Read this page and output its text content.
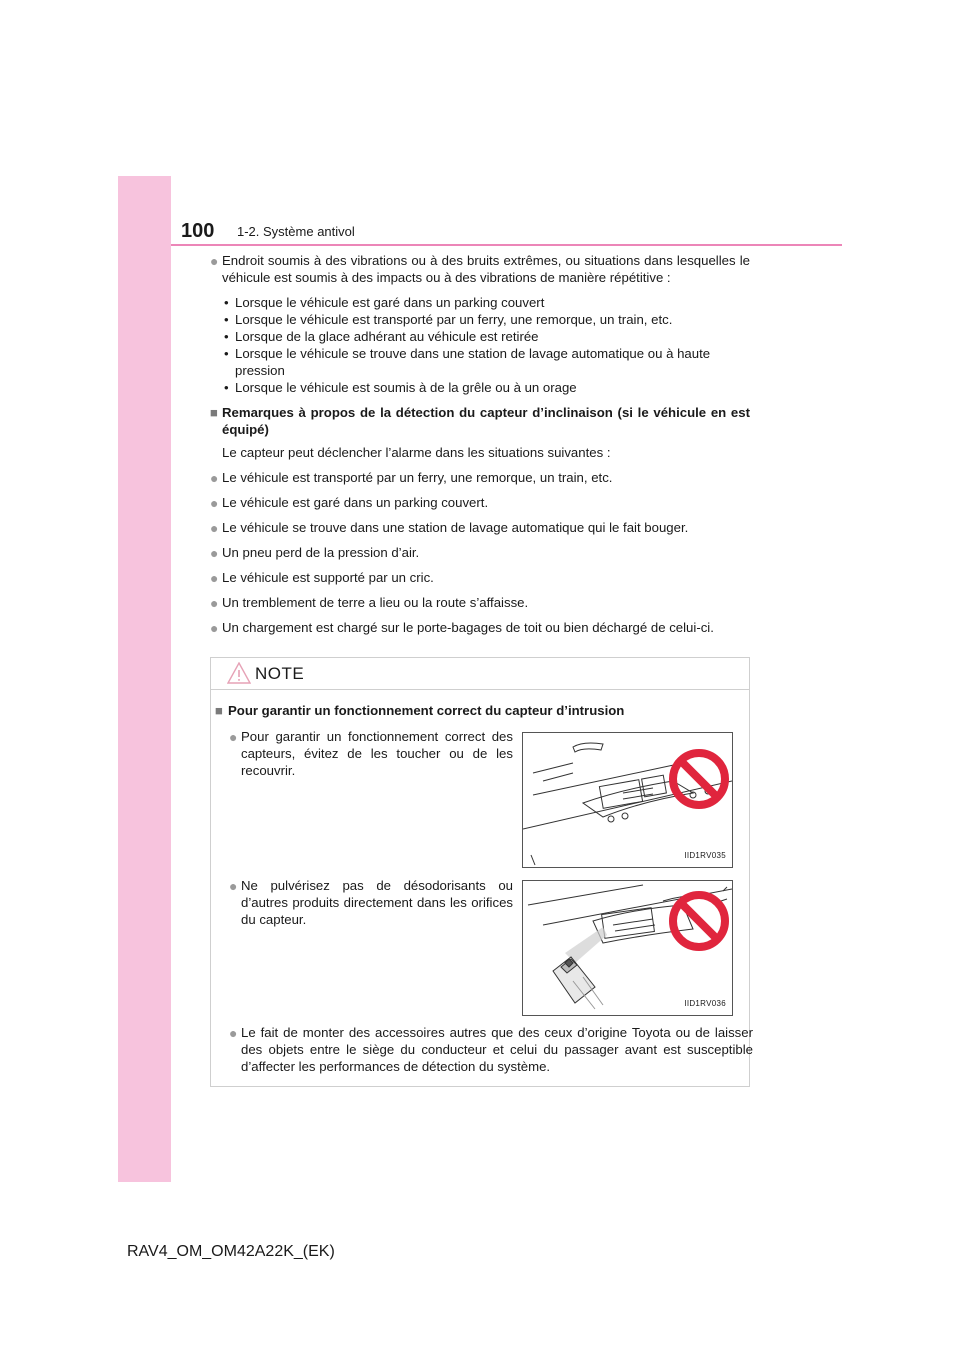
100 1-2. Système antivol

● Endroit soumis à des vibrations ou à des bruits extrêmes, ou situations dans lesquelles le véhicule est soumis à des impacts ou à des vibrations de manière répétitive :

• Lorsque le véhicule est garé dans un parking couvert

• Lorsque le véhicule est transporté par un ferry, une remorque, un train, etc.

• Lorsque de la glace adhérant au véhicule est retirée

• Lorsque le véhicule se trouve dans une station de lavage automatique ou à haute pression

• Lorsque le véhicule est soumis à de la grêle ou à un orage

■ Remarques à propos de la détection du capteur d’inclinaison (si le véhicule en est équipé)

Le capteur peut déclencher l’alarme dans les situations suivantes :

● Le véhicule est transporté par un ferry, une remorque, un train, etc.

● Le véhicule est garé dans un parking couvert.

● Le véhicule se trouve dans une station de lavage automatique qui le fait bouger.

● Un pneu perd de la pression d’air.

● Le véhicule est supporté par un cric.

● Un tremblement de terre a lieu ou la route s’affaisse.

● Un chargement est chargé sur le porte-bagages de toit ou bien déchargé de celui-ci.

NOTE
■ Pour garantir un fonctionnement correct du capteur d’intrusion
● Pour garantir un fonctionnement correct des capteurs, évitez de les toucher ou de les recouvrir.
IID1RV035
● Ne pulvérisez pas de désodorisants ou d’autres produits directement dans les orifices du capteur.
IID1RV036
● Le fait de monter des accessoires autres que des ceux d’origine Toyota ou de laisser des objets entre le siège du conducteur et celui du passager avant est susceptible d’affecter les performances de détection du système.
RAV4_OM_OM42A22K_(EK)
